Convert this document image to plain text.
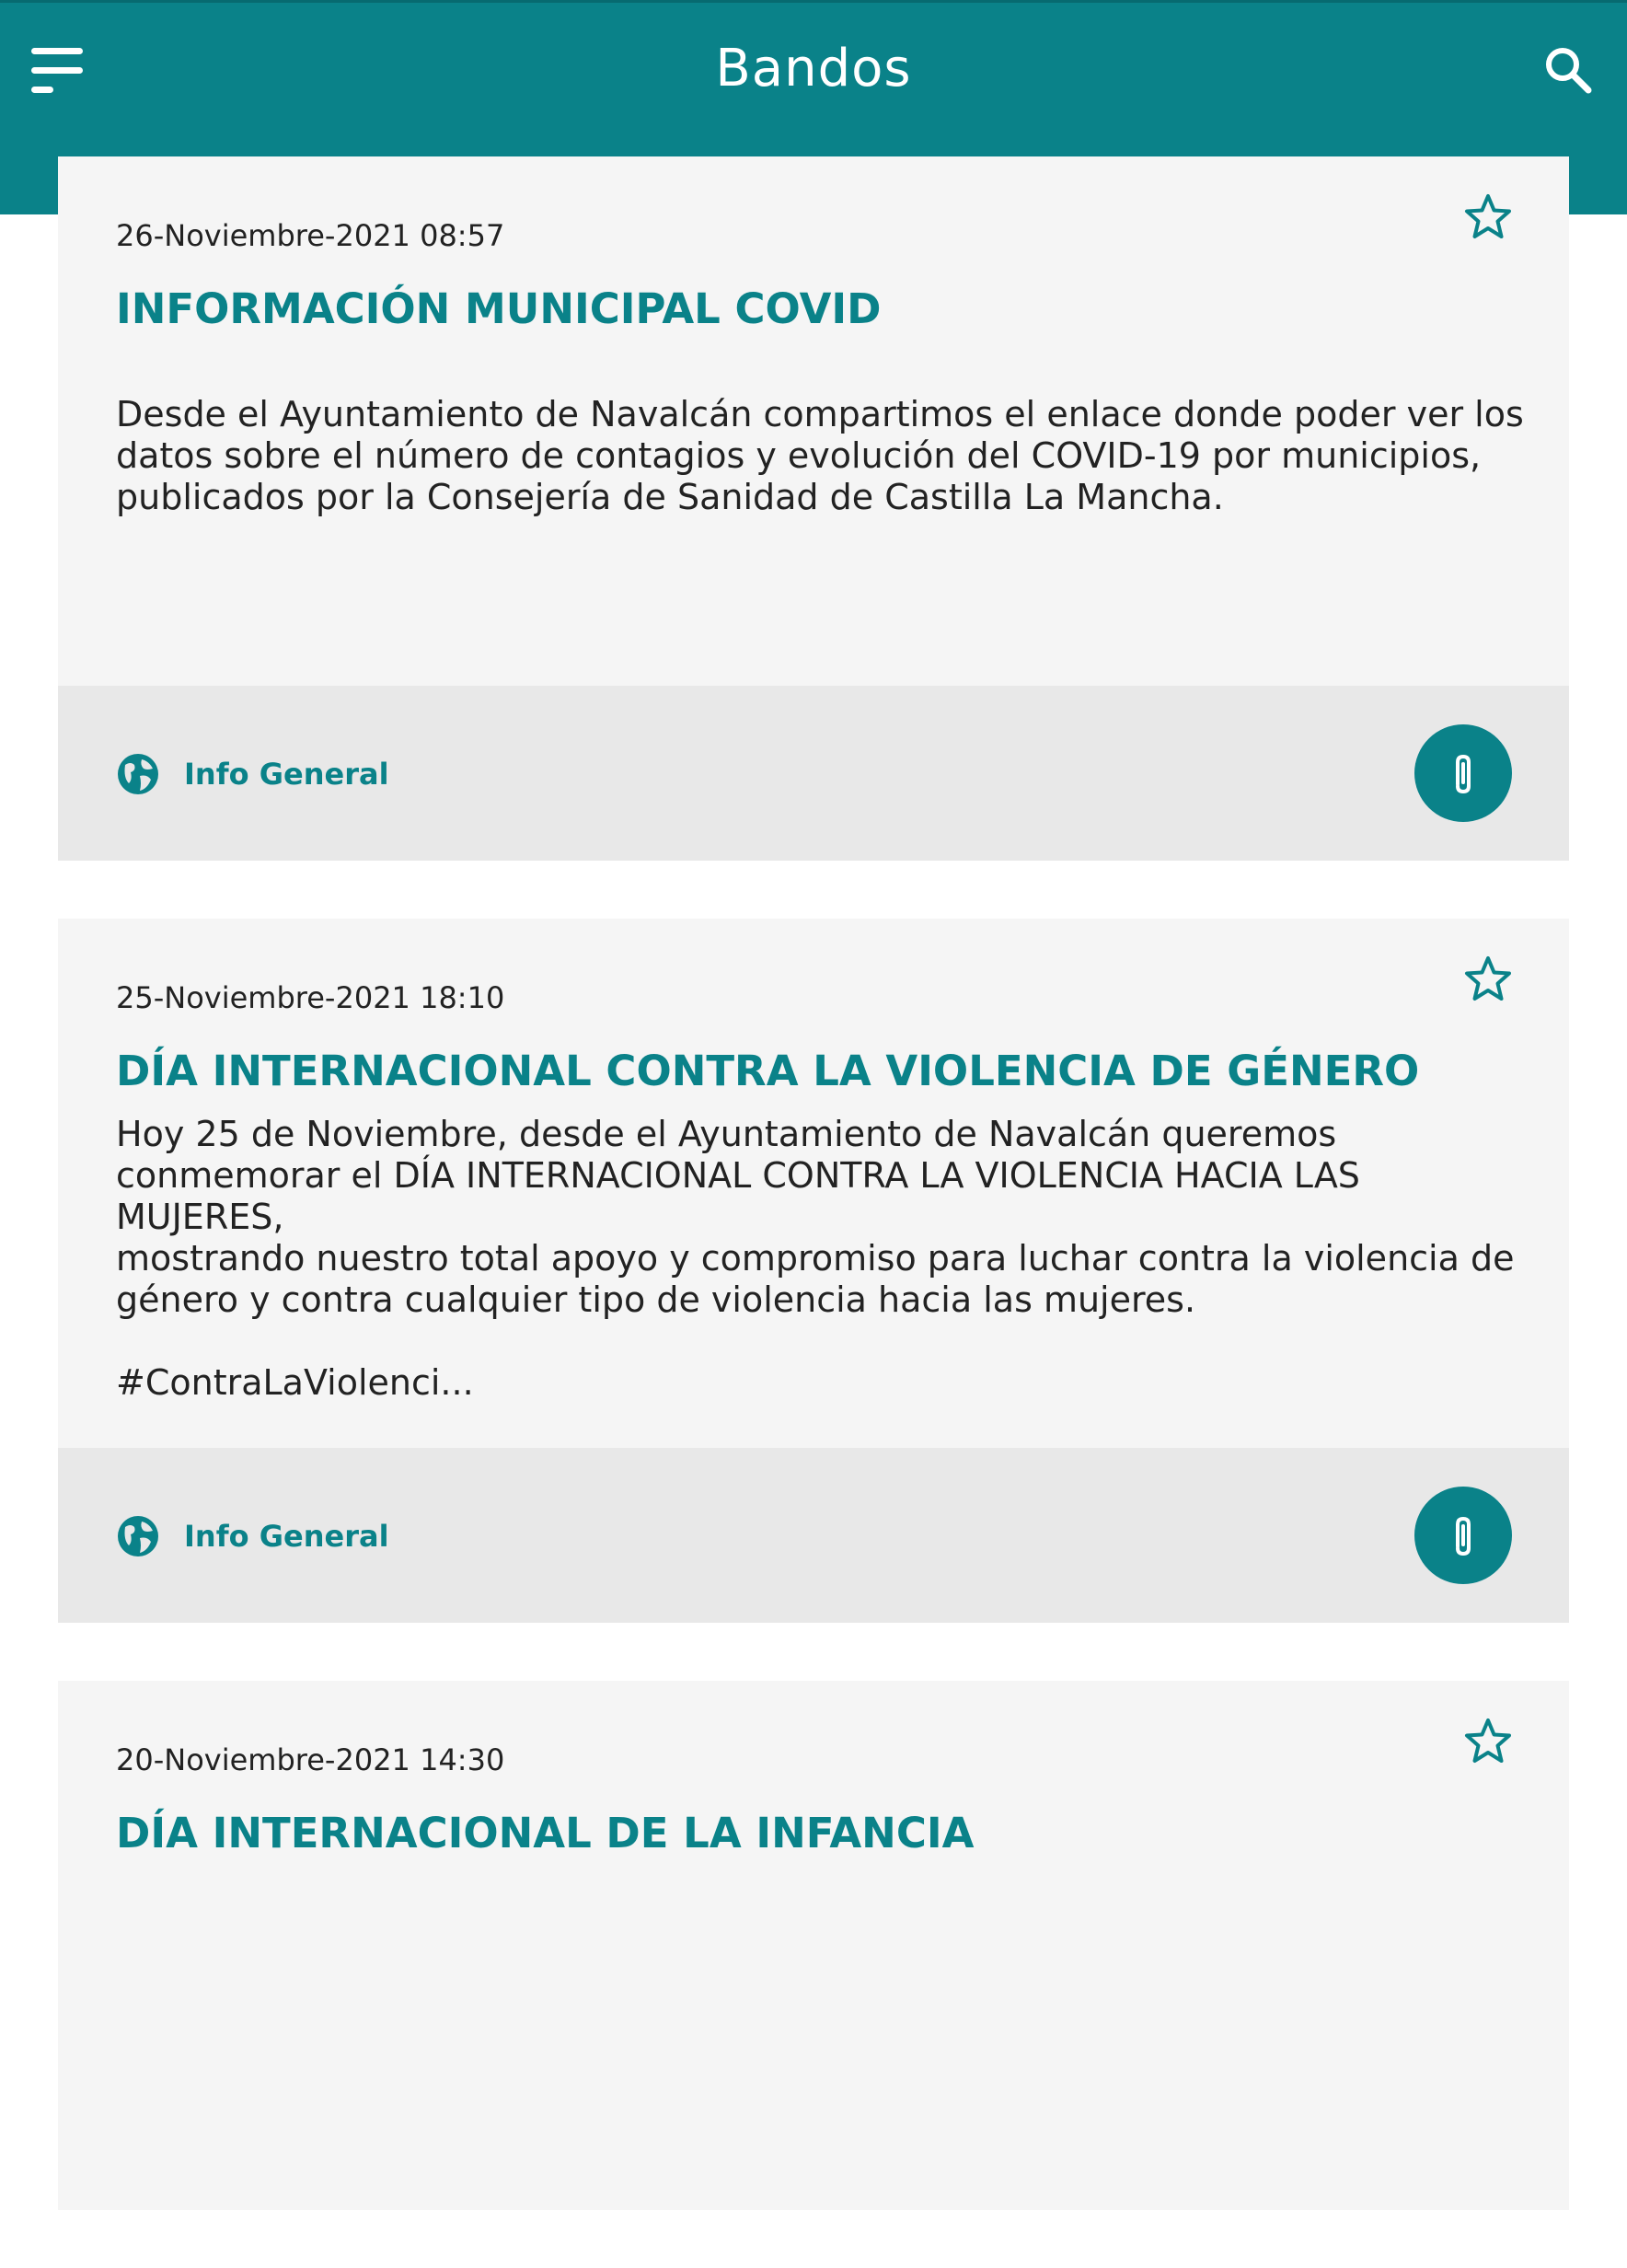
Bandos
26-Noviembre-2021 08:57
INFORMACIÓN MUNICIPAL COVID
Desde el Ayuntamiento de Navalcán compartimos el enlace donde poder ver los
datos sobre el número de contagios y evolución del COVID-19 por municipios,
publicados por la Consejería de Sanidad de Castilla La Mancha.
Info General
25-Noviembre-2021 18:10
DÍA INTERNACIONAL CONTRA LA VIOLENCIA DE GÉNERO
Hoy 25 de Noviembre, desde el Ayuntamiento de Navalcán queremos
conmemorar el DÍA INTERNACIONAL CONTRA LA VIOLENCIA HACIA LAS MUJERES,
mostrando nuestro total apoyo y compromiso para luchar contra la violencia de
género y contra cualquier tipo de violencia hacia las mujeres.

#ContraLaViolenci...
Info General
20-Noviembre-2021 14:30
DÍA INTERNACIONAL DE LA INFANCIA
